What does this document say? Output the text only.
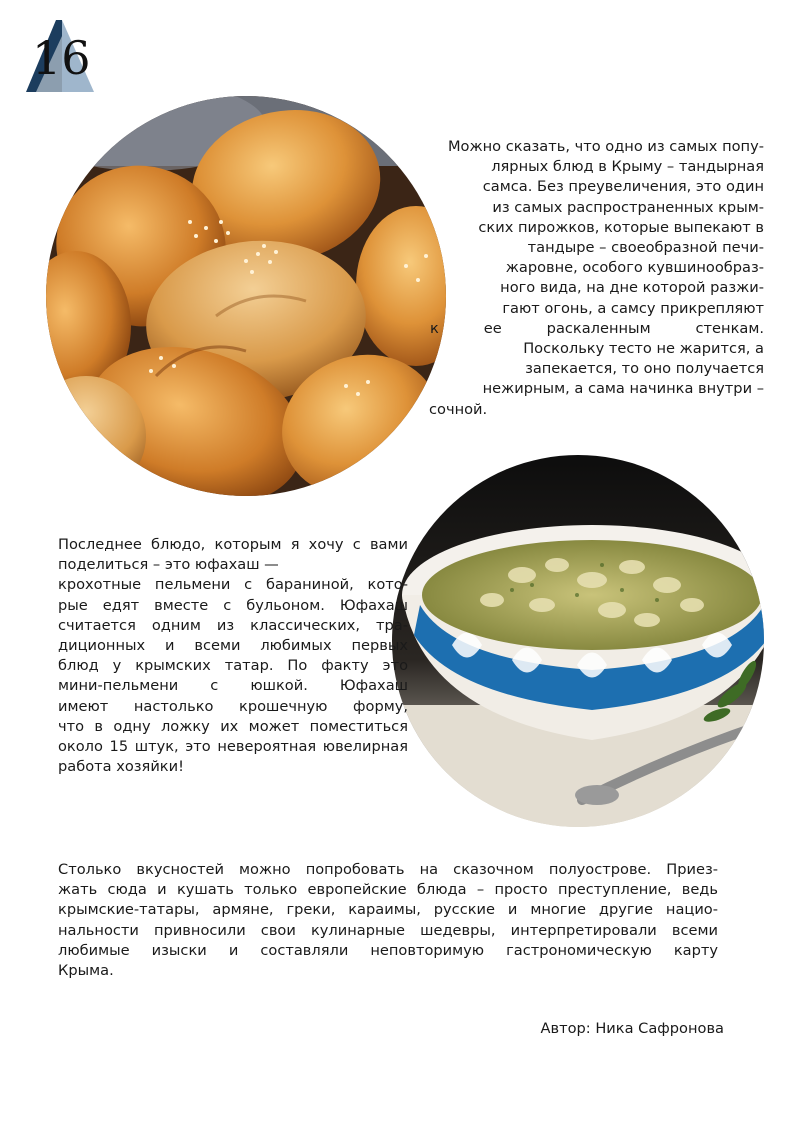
16

Можно сказать, что одно из самых попу-
лярных блюд в Крыму – тандырная
самса. Без преувеличения, это один
из самых распространенных крым-
ских пирожков, которые выпекают в
тандыре – своеобразной печи-
жаровне, особого кувшинообраз-
ного вида, на дне которой разжи-
гают огонь, а самсу прикрепляют
к ее раскаленным стенкам.
Поскольку тесто не жарится, а
запекается, то оно получается
нежирным, а сама начинка внутри –
сочной.

Последнее блюдо, которым я хочу с вами
поделиться – это юфахаш —
крохотные пельмени с бараниной, кото-
рые едят вместе с бульоном. Юфахаш
считается одним из классических, тра-
диционных и всеми любимых первых
блюд у крымских татар. По факту это
мини-пельмени с юшкой. Юфахаш
имеют настолько крошечную форму,
что в одну ложку их может поместиться
около 15 штук, это невероятная ювелирная
работа хозяйки!

Столько вкусностей можно попробовать на сказочном полуострове. Приез-
жать сюда и кушать только европейские блюда – просто преступление, ведь
крымские-татары, армяне, греки, караимы, русские и многие другие нацио-
нальности привносили свои кулинарные шедевры, интерпретировали всеми
любимые изыски и составляли неповторимую гастрономическую карту
Крыма.

Автор: Ника Сафронова
